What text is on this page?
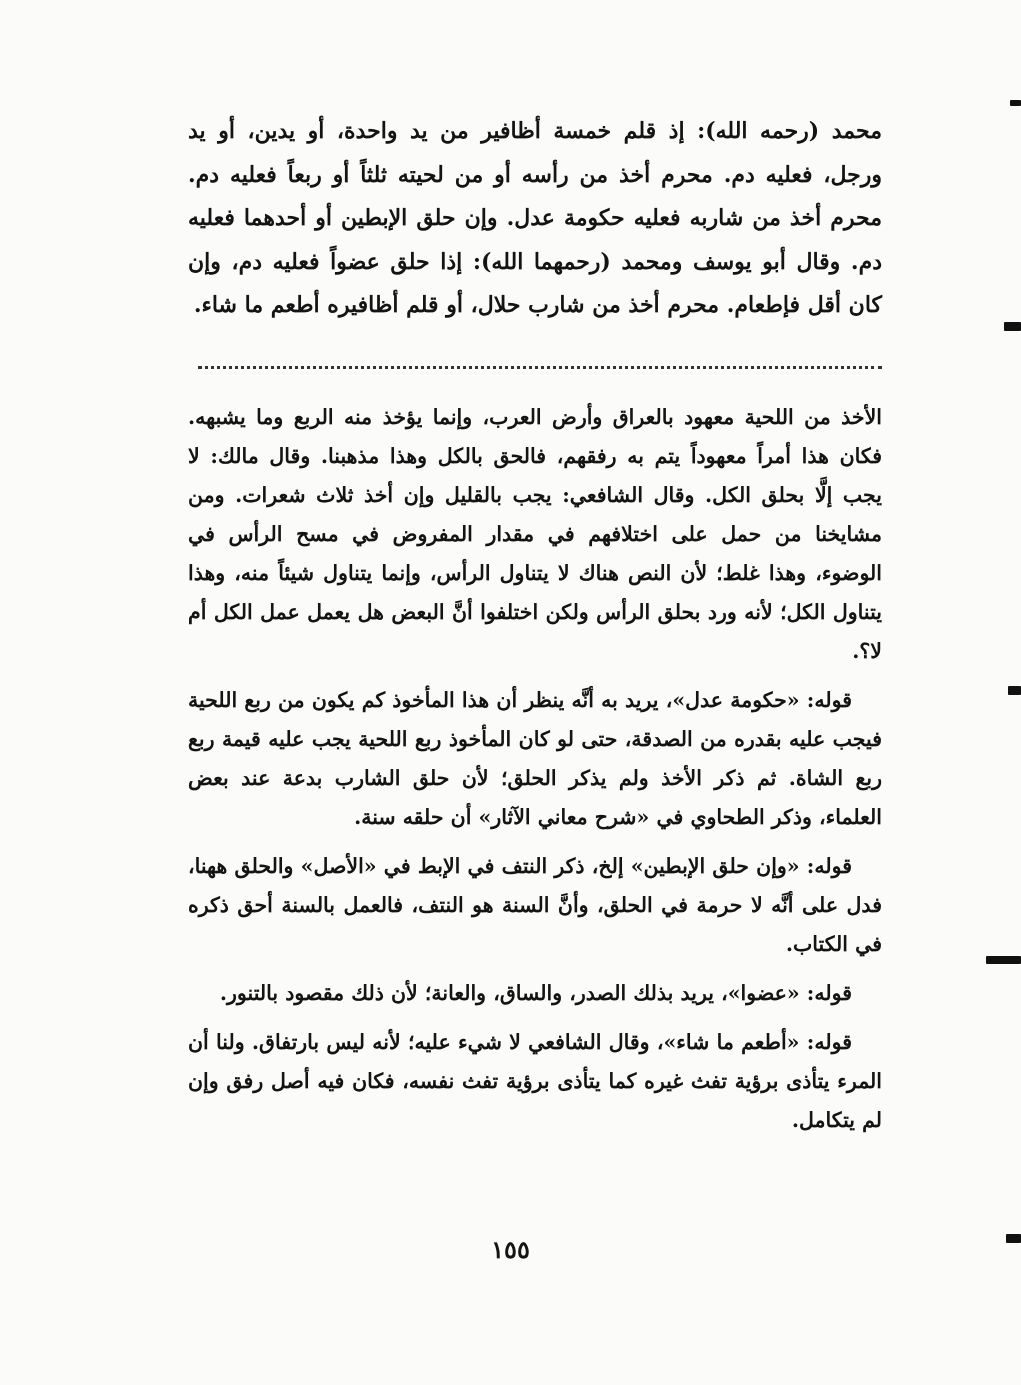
محمد (رحمه الله): إذ قلم خمسة أظافير من يد واحدة، أو يدين، أو يد ورجل، فعليه دم. محرم أخذ من رأسه أو من لحيته ثلثاً أو ربعاً فعليه دم. محرم أخذ من شاربه فعليه حكومة عدل. وإن حلق الإبطين أو أحدهما فعليه دم. وقال أبو يوسف ومحمد (رحمهما الله): إذا حلق عضواً فعليه دم، وإن كان أقل فإطعام. محرم أخذ من شارب حلال، أو قلم أظافيره أطعم ما شاء.

الأخذ من اللحية معهود بالعراق وأرض العرب، وإنما يؤخذ منه الربع وما يشبهه. فكان هذا أمراً معهوداً يتم به رفقهم، فالحق بالكل وهذا مذهبنا. وقال مالك: لا يجب إلَّا بحلق الكل. وقال الشافعي: يجب بالقليل وإن أخذ ثلاث شعرات. ومن مشايخنا من حمل على اختلافهم في مقدار المفروض في مسح الرأس في الوضوء، وهذا غلط؛ لأن النص هناك لا يتناول الرأس، وإنما يتناول شيئاً منه، وهذا يتناول الكل؛ لأنه ورد بحلق الرأس ولكن اختلفوا أنَّ البعض هل يعمل عمل الكل أم لا؟.

قوله: «حكومة عدل»، يريد به أنَّه ينظر أن هذا المأخوذ كم يكون من ربع اللحية فيجب عليه بقدره من الصدقة، حتى لو كان المأخوذ ربع اللحية يجب عليه قيمة ربع ربع الشاة. ثم ذكر الأخذ ولم يذكر الحلق؛ لأن حلق الشارب بدعة عند بعض العلماء، وذكر الطحاوي في «شرح معاني الآثار» أن حلقه سنة.

قوله: «وإن حلق الإبطين» إلخ، ذكر النتف في الإبط في «الأصل» والحلق ههنا، فدل على أنَّه لا حرمة في الحلق، وأنَّ السنة هو النتف، فالعمل بالسنة أحق ذكره في الكتاب.

قوله: «عضوا»، يريد بذلك الصدر، والساق، والعانة؛ لأن ذلك مقصود بالتنور.

قوله: «أطعم ما شاء»، وقال الشافعي لا شيء عليه؛ لأنه ليس بارتفاق. ولنا أن المرء يتأذى برؤية تفث غيره كما يتأذى برؤية تفث نفسه، فكان فيه أصل رفق وإن لم يتكامل.

١٥٥
